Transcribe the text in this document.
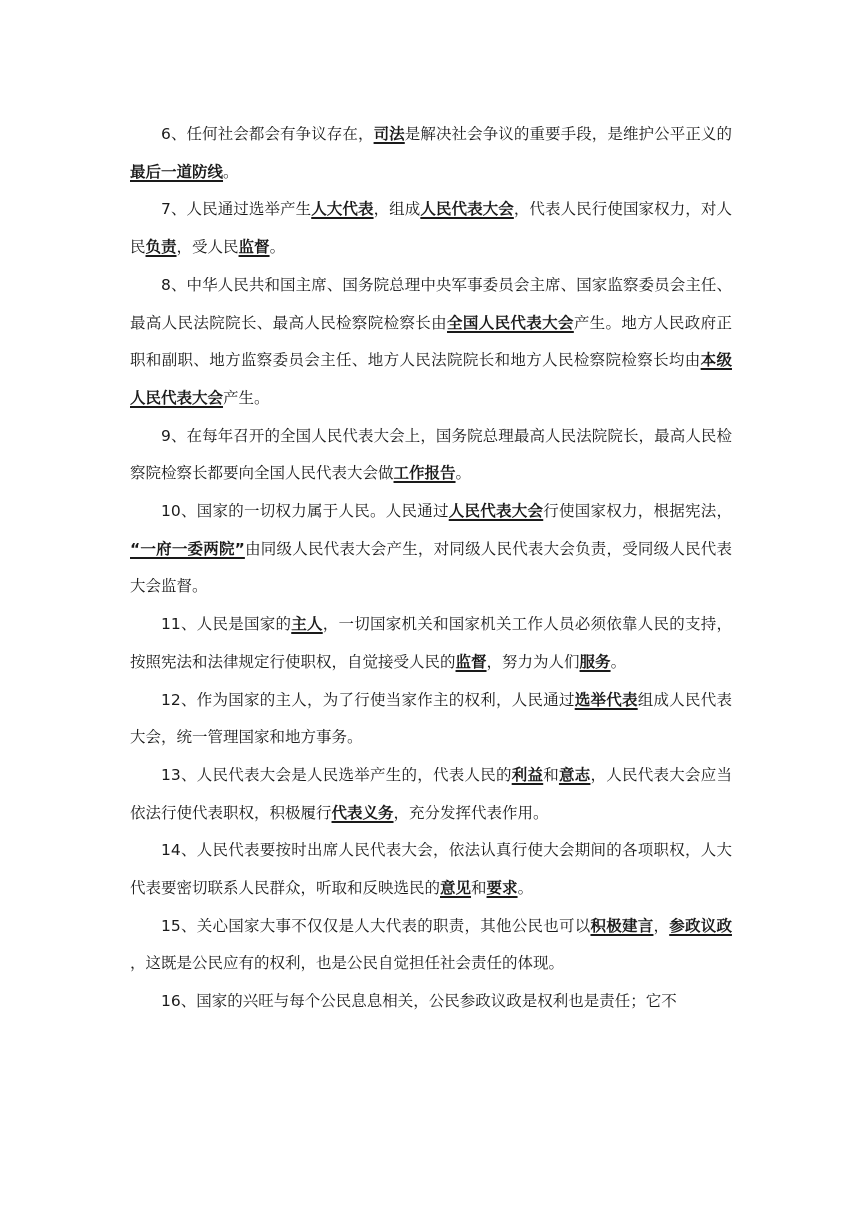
6、任何社会都会有争议存在，司法是解决社会争议的重要手段，是维护公平正义的最后一道防线。

7、人民通过选举产生人大代表，组成人民代表大会，代表人民行使国家权力，对人民负责，受人民监督。

8、中华人民共和国主席、国务院总理中央军事委员会主席、国家监察委员会主任、最高人民法院院长、最高人民检察院检察长由全国人民代表大会产生。地方人民政府正职和副职、地方监察委员会主任、地方人民法院院长和地方人民检察院检察长均由本级人民代表大会产生。

9、在每年召开的全国人民代表大会上，国务院总理最高人民法院院长，最高人民检察院检察长都要向全国人民代表大会做工作报告。

10、国家的一切权力属于人民。人民通过人民代表大会行使国家权力，根据宪法，“一府一委两院”由同级人民代表大会产生，对同级人民代表大会负责，受同级人民代表大会监督。

11、人民是国家的主人，一切国家机关和国家机关工作人员必须依靠人民的支持，按照宪法和法律规定行使职权，自觉接受人民的监督，努力为人们服务。

12、作为国家的主人，为了行使当家作主的权利，人民通过选举代表组成人民代表大会，统一管理国家和地方事务。

13、人民代表大会是人民选举产生的，代表人民的利益和意志，人民代表大会应当依法行使代表职权，积极履行代表义务，充分发挥代表作用。

14、人民代表要按时出席人民代表大会，依法认真行使大会期间的各项职权，人大代表要密切联系人民群众，听取和反映选民的意见和要求。

15、关心国家大事不仅仅是人大代表的职责，其他公民也可以积极建言，参政议政，这既是公民应有的权利，也是公民自觉担任社会责任的体现。

16、国家的兴旺与每个公民息息相关，公民参政议政是权利也是责任；它不
